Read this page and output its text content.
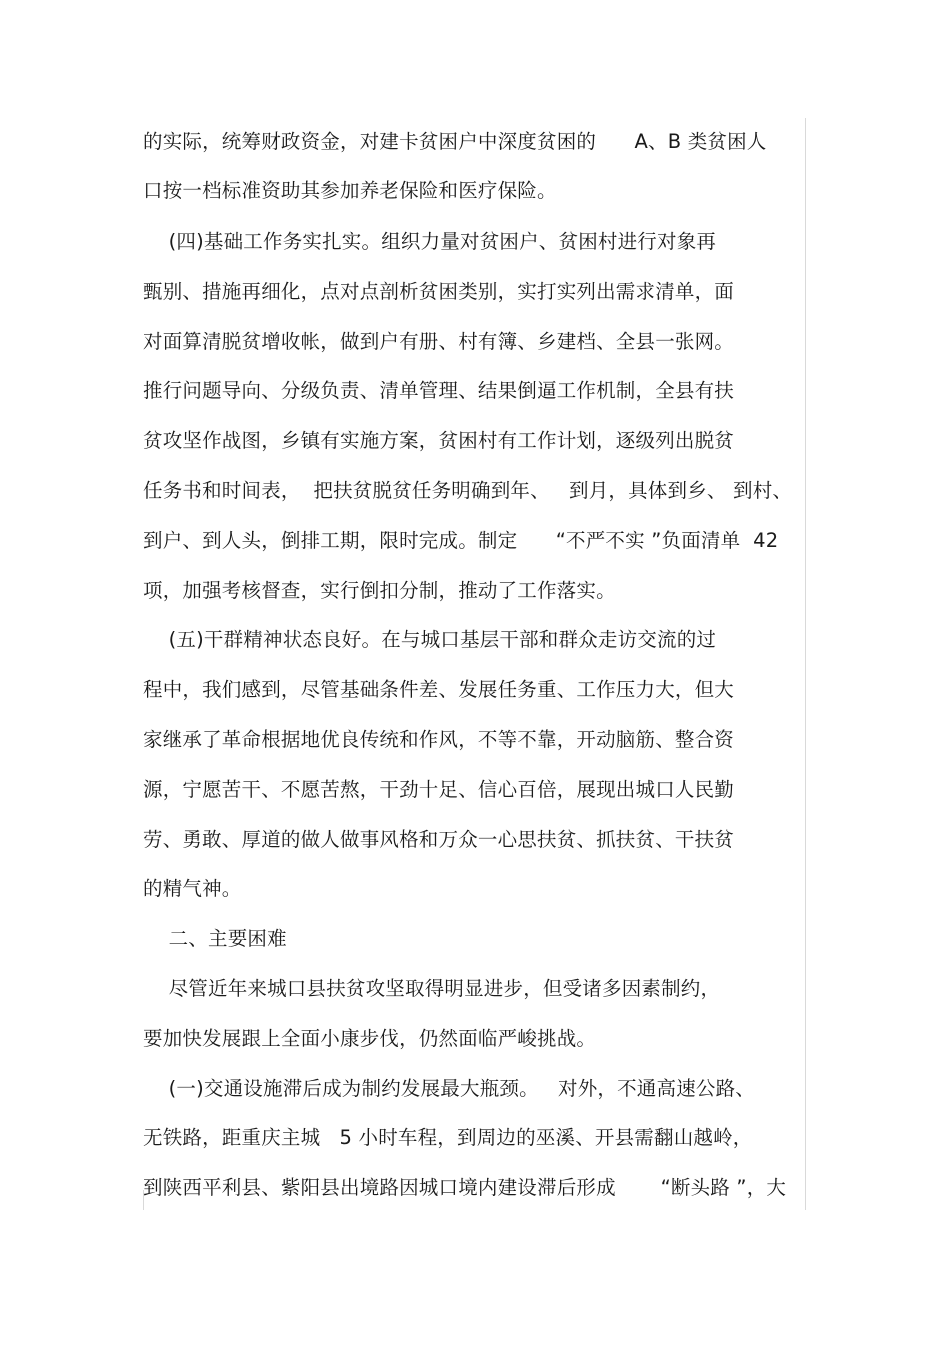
的实际，统筹财政资金，对建卡贫困户中深度贫困的      A、B 类贫困人
口按一档标准资助其参加养老保险和医疗保险。
(四)基础工作务实扎实。组织力量对贫困户、贫困村进行对象再
甄别、措施再细化，点对点剖析贫困类别，实打实列出需求清单，面
对面算清脱贫增收帐，做到户有册、村有簿、乡建档、全县一张网。
推行问题导向、分级负责、清单管理、结果倒逼工作机制，全县有扶
贫攻坚作战图，乡镇有实施方案，贫困村有工作计划，逐级列出脱贫
任务书和时间表，  把扶贫脱贫任务明确到年、   到月，具体到乡、 到村、
到户、到人头，倒排工期，限时完成。制定      “不严不实 ”负面清单  42
项，加强考核督查，实行倒扣分制，推动了工作落实。
(五)干群精神状态良好。在与城口基层干部和群众走访交流的过
程中，我们感到，尽管基础条件差、发展任务重、工作压力大，但大
家继承了革命根据地优良传统和作风，不等不靠，开动脑筋、整合资
源，宁愿苦干、不愿苦熬，干劲十足、信心百倍，展现出城口人民勤
劳、勇敢、厚道的做人做事风格和万众一心思扶贫、抓扶贫、干扶贫
的精气神。
二、主要困难
尽管近年来城口县扶贫攻坚取得明显进步，但受诸多因素制约，
要加快发展跟上全面小康步伐，仍然面临严峻挑战。
(一)交通设施滞后成为制约发展最大瓶颈。   对外，不通高速公路、
无铁路，距重庆主城   5 小时车程，到周边的巫溪、开县需翻山越岭，
到陕西平利县、紫阳县出境路因城口境内建设滞后形成       “断头路 ”，大
